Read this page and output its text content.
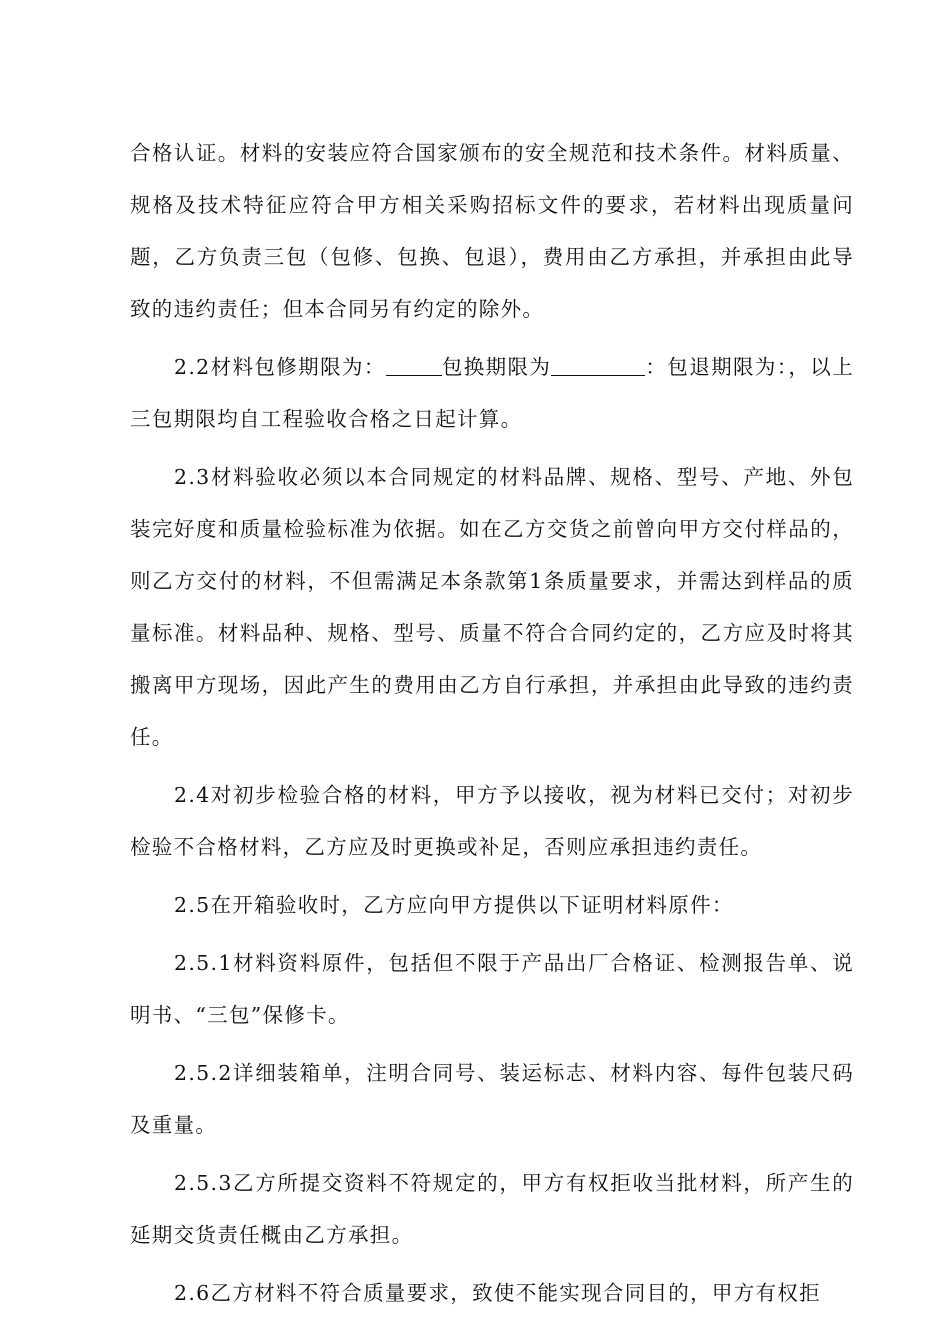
合格认证。材料的安装应符合国家颁布的安全规范和技术条件。材料质量、规格及技术特征应符合甲方相关采购招标文件的要求，若材料出现质量问题，乙方负责三包（包修、包换、包退），费用由乙方承担，并承担由此导致的违约责任；但本合同另有约定的除外。

2.2材料包修期限为：	包换期限为	：包退期限为：，以上三包期限均自工程验收合格之日起计算。

2.3材料验收必须以本合同规定的材料品牌、规格、型号、产地、外包装完好度和质量检验标准为依据。如在乙方交货之前曾向甲方交付样品的，则乙方交付的材料，不但需满足本条款第1条质量要求，并需达到样品的质量标准。材料品种、规格、型号、质量不符合合同约定的，乙方应及时将其搬离甲方现场，因此产生的费用由乙方自行承担，并承担由此导致的违约责任。

2.4对初步检验合格的材料，甲方予以接收，视为材料已交付；对初步检验不合格材料，乙方应及时更换或补足，否则应承担违约责任。

2.5在开箱验收时，乙方应向甲方提供以下证明材料原件：

2.5.1材料资料原件，包括但不限于产品出厂合格证、检测报告单、说明书、“三包”保修卡。

2.5.2详细装箱单，注明合同号、装运标志、材料内容、每件包装尺码及重量。

2.5.3乙方所提交资料不符规定的，甲方有权拒收当批材料，所产生的延期交货责任概由乙方承担。

2.6乙方材料不符合质量要求，致使不能实现合同目的，甲方有权拒
